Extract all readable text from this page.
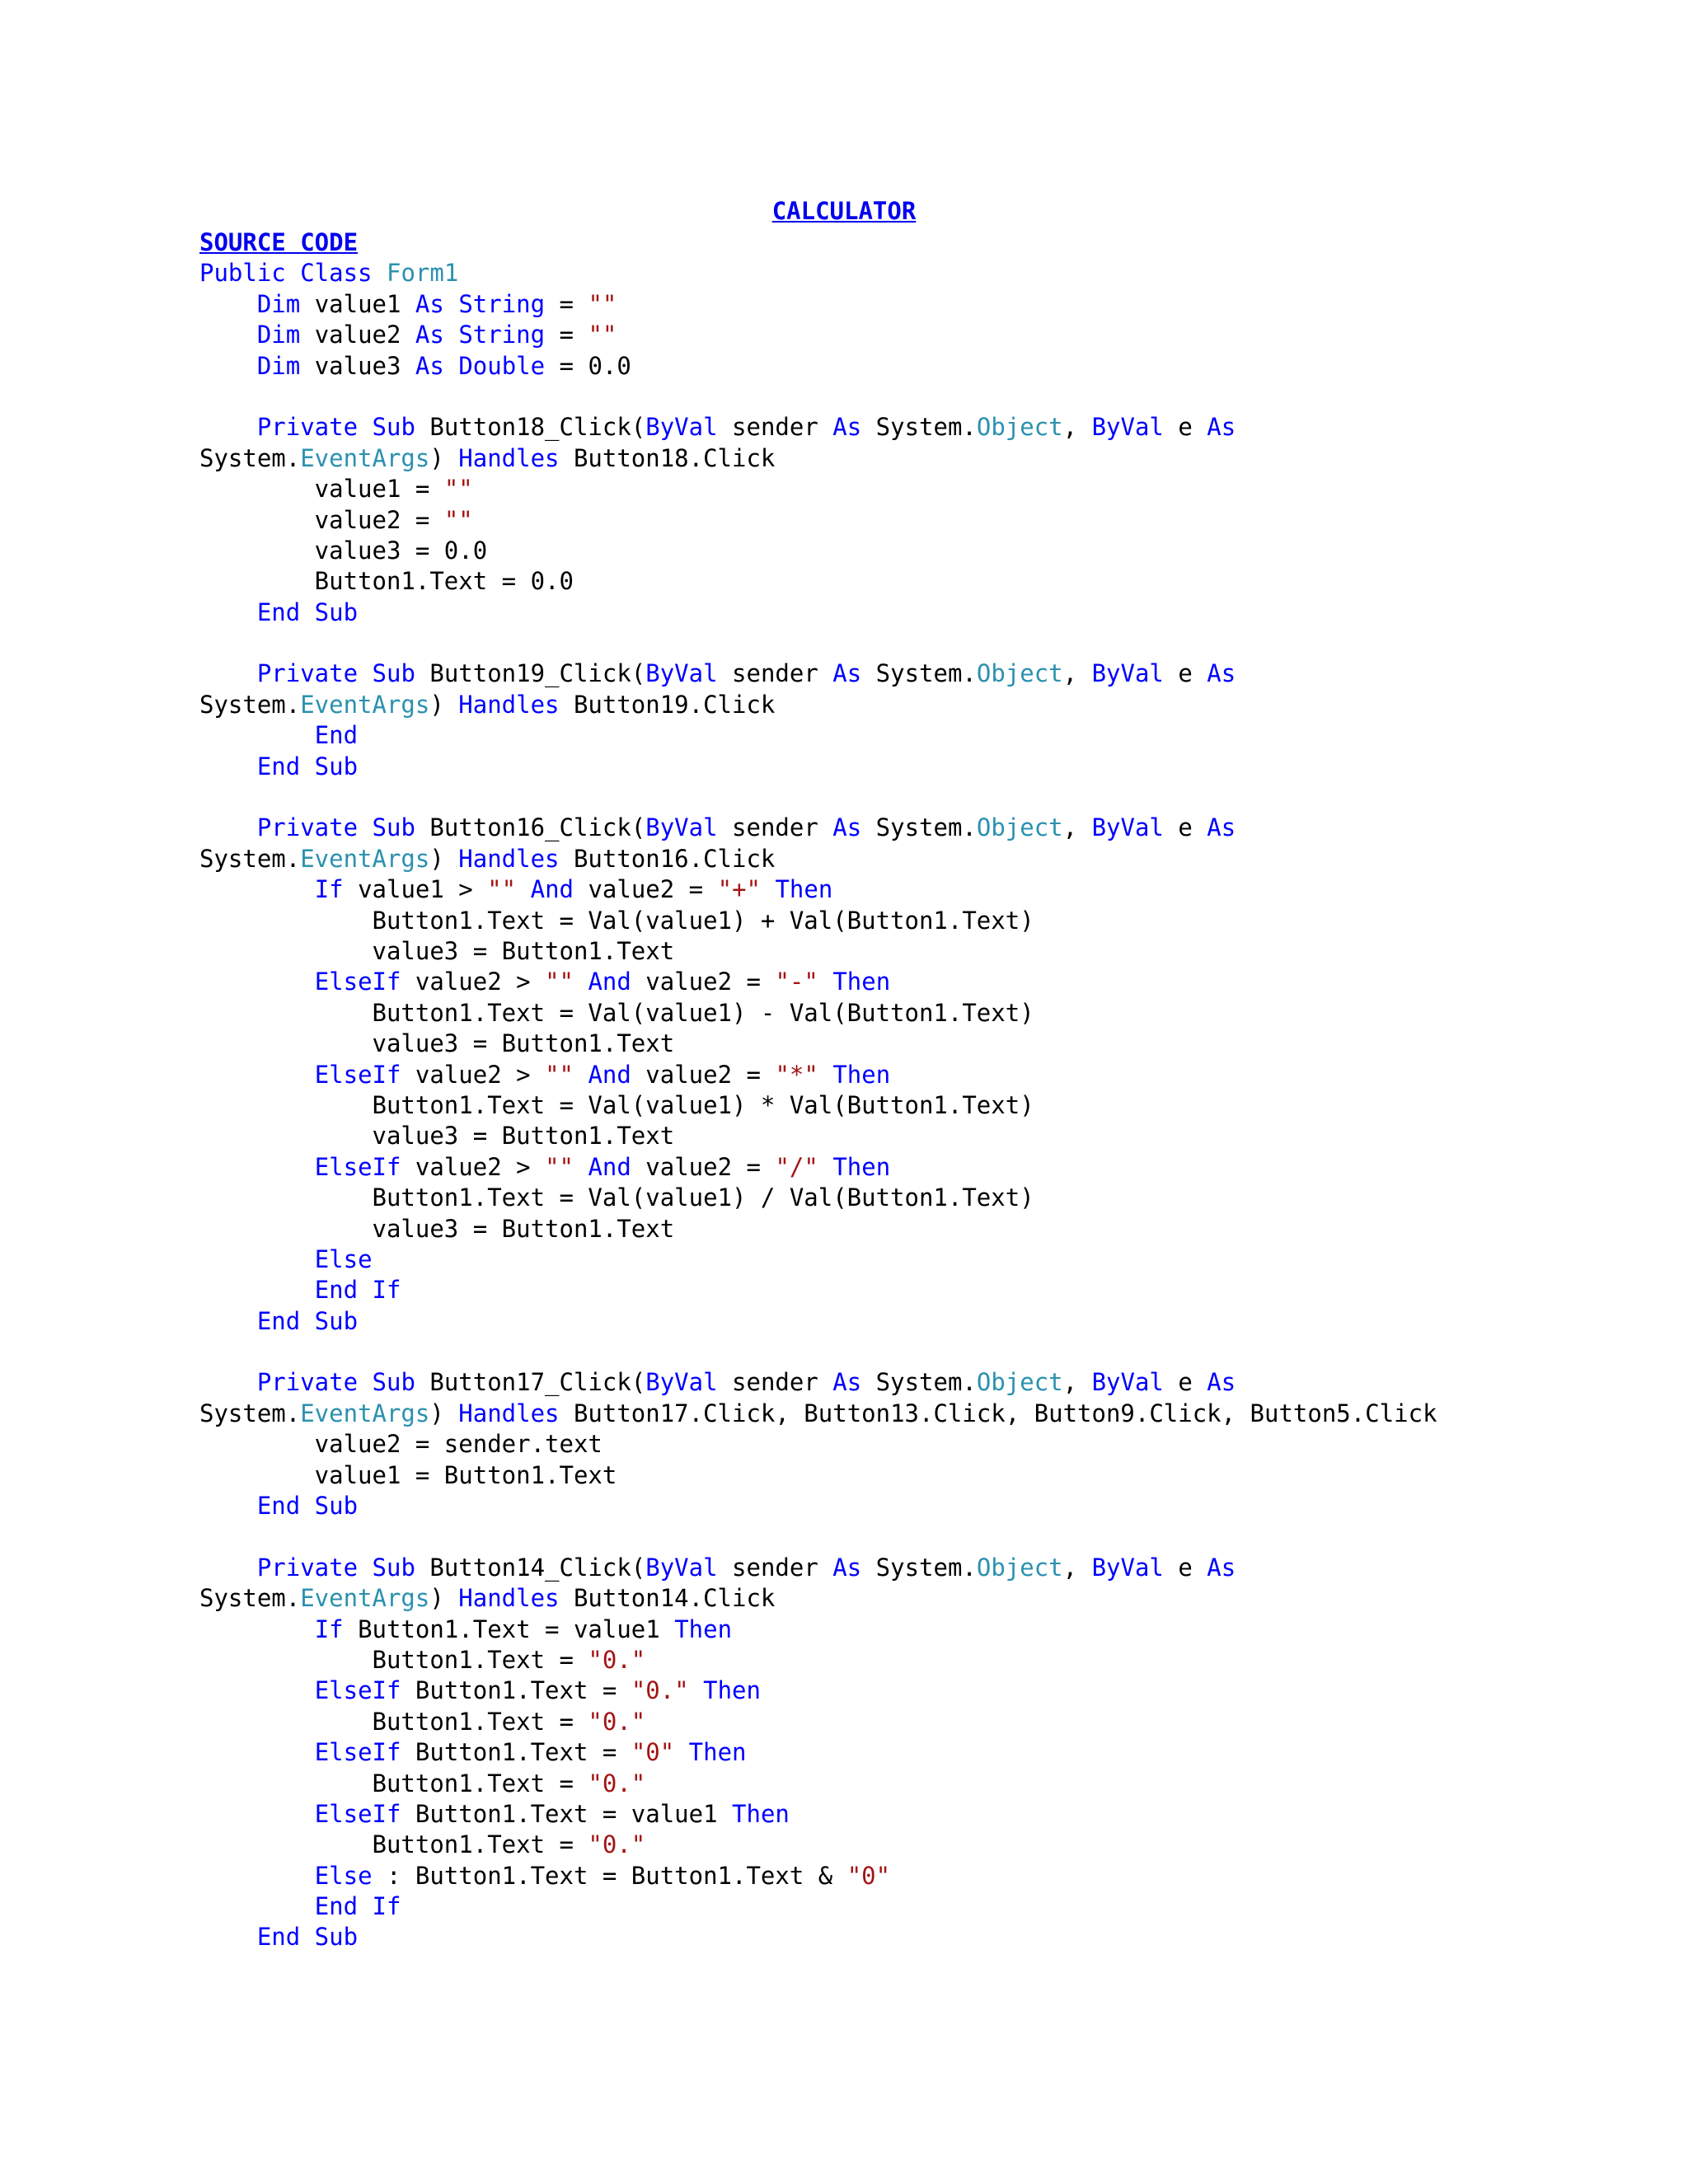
CALCULATOR
SOURCE CODE
Public Class Form1
Dim value1 As String = ""
Dim value2 As String = ""
Dim value3 As Double = 0.0
Private Sub Button18_Click(ByVal sender As System.Object, ByVal e As
System.EventArgs) Handles Button18.Click
value1 = ""
value2 = ""
value3 = 0.0
Button1.Text = 0.0
End Sub
Private Sub Button19_Click(ByVal sender As System.Object, ByVal e As
System.EventArgs) Handles Button19.Click
End
End Sub
Private Sub Button16_Click(ByVal sender As System.Object, ByVal e As
System.EventArgs) Handles Button16.Click
If value1 > "" And value2 = "+" Then
Button1.Text = Val(value1) + Val(Button1.Text)
value3 = Button1.Text
ElseIf value2 > "" And value2 = "-" Then
Button1.Text = Val(value1) - Val(Button1.Text)
value3 = Button1.Text
ElseIf value2 > "" And value2 = "*" Then
Button1.Text = Val(value1) * Val(Button1.Text)
value3 = Button1.Text
ElseIf value2 > "" And value2 = "/" Then
Button1.Text = Val(value1) / Val(Button1.Text)
value3 = Button1.Text
Else
End If
End Sub
Private Sub Button17_Click(ByVal sender As System.Object, ByVal e As
System.EventArgs) Handles Button17.Click, Button13.Click, Button9.Click, Button5.Click
value2 = sender.text
value1 = Button1.Text
End Sub
Private Sub Button14_Click(ByVal sender As System.Object, ByVal e As
System.EventArgs) Handles Button14.Click
If Button1.Text = value1 Then
Button1.Text = "0."
ElseIf Button1.Text = "0." Then
Button1.Text = "0."
ElseIf Button1.Text = "0" Then
Button1.Text = "0."
ElseIf Button1.Text = value1 Then
Button1.Text = "0."
Else : Button1.Text = Button1.Text & "0"
End If
End Sub
